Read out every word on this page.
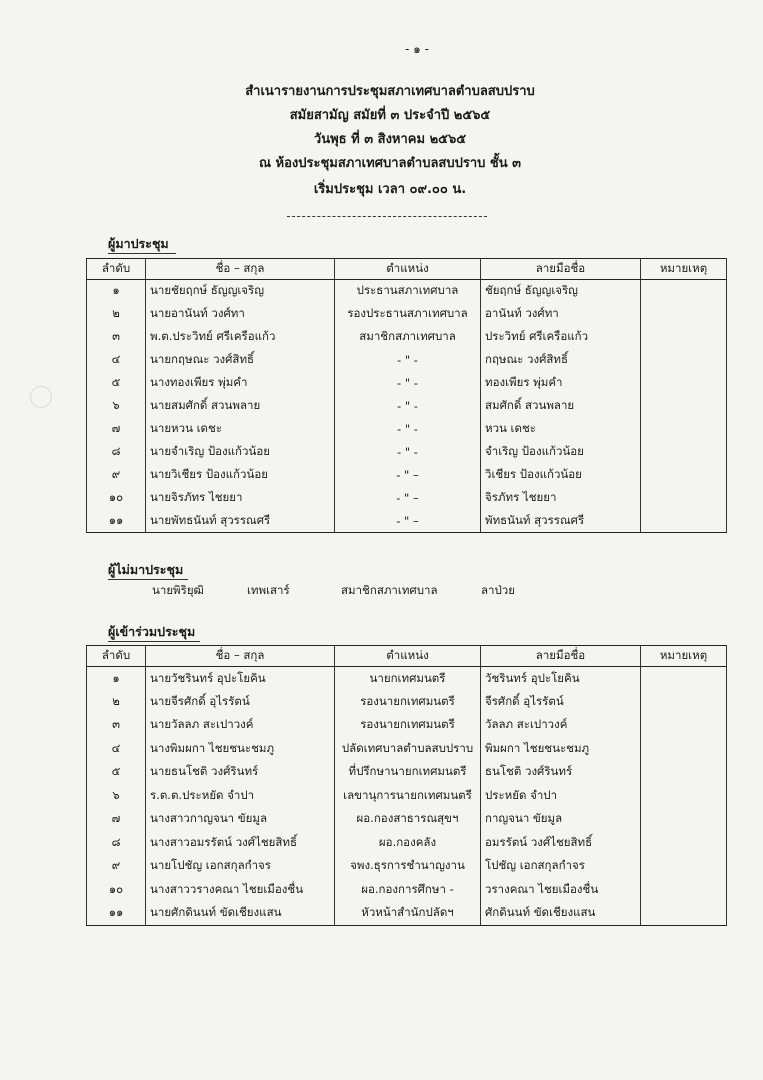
- ๑ -
สำเนารายงานการประชุมสภาเทศบาลตำบลสบปราบ
สมัยสามัญ สมัยที่ ๓ ประจำปี ๒๕๖๕
วันพุธ ที่ ๓ สิงหาคม ๒๕๖๕
ณ ห้องประชุมสภาเทศบาลตำบลสบปราบ ชั้น ๓
เริ่มประชุม เวลา ๐๙.๐๐ น.
ผู้มาประชุม
ลำดับ	ชื่อ – สกุล	ตำแหน่ง	ลายมือชื่อ	หมายเหตุ
๑	นายชัยฤกษ์ ธัญญเจริญ	ประธานสภาเทศบาล	ชัยฤกษ์ ธัญญเจริญ	
๒	นายอานันท์ วงศ์ทา	รองประธานสภาเทศบาล	อานันท์ วงศ์ทา	
๓	พ.ต.ประวิทย์ ศรีเครือแก้ว	สมาชิกสภาเทศบาล	ประวิทย์ ศรีเครือแก้ว	
๔	นายกฤษณะ วงศ์สิทธิ์	- " -	กฤษณะ วงศ์สิทธิ์	
๕	นางทองเพียร พุ่มคำ	- " -	ทองเพียร พุ่มคำ	
๖	นายสมศักดิ์ สวนพลาย	- " -	สมศักดิ์ สวนพลาย	
๗	นายหวน เดชะ	- " -	หวน เดชะ	
๘	นายจำเริญ ป้องแก้วน้อย	- " -	จำเริญ ป้องแก้วน้อย	
๙	นายวิเชียร ป้องแก้วน้อย	- " –	วิเชียร ป้องแก้วน้อย	
๑๐	นายจิรภัทร ไชยยา	- " –	จิรภัทร ไชยยา	
๑๑	นายพัทธนันท์ สุวรรณศรี	- " –	พัทธนันท์ สุวรรณศรี	
ผู้ไม่มาประชุม
นายพิริยุฒิ	เทพเสาร์	สมาชิกสภาเทศบาล	ลาป่วย
ผู้เข้าร่วมประชุม
ลำดับ	ชื่อ – สกุล	ตำแหน่ง	ลายมือชื่อ	หมายเหตุ
๑	นายวัชรินทร์ อุปะโยคิน	นายกเทศมนตรี	วัชรินทร์ อุปะโยคิน	
๒	นายจีรศักดิ์ อุไรรัตน์	รองนายกเทศมนตรี	จีรศักดิ์ อุไรรัตน์	
๓	นายวัลลภ สะเปาวงค์	รองนายกเทศมนตรี	วัลลภ สะเปาวงค์	
๔	นางพิมผกา ไชยชนะชมภู	ปลัดเทศบาลตำบลสบปราบ	พิมผกา ไชยชนะชมภู	
๕	นายธนโชติ วงศ์รินทร์	ที่ปรึกษานายกเทศมนตรี	ธนโชติ วงศ์รินทร์	
๖	ร.ต.ต.ประหยัด จำปา	เลขานุการนายกเทศมนตรี	ประหยัด จำปา	
๗	นางสาวกาญจนา ขัยมูล	ผอ.กองสาธารณสุขฯ	กาญจนา ขัยมูล	
๘	นางสาวอมรรัตน์ วงศ์ไชยสิทธิ์	ผอ.กองคลัง	อมรรัตน์ วงศ์ไชยสิทธิ์	
๙	นายโปชัญ เอกสกุลกำจร	จพง.ธุรการชำนาญงาน	โปชัญ เอกสกุลกำจร	
๑๐	นางสาววรางคณา ไชยเมืองชื่น	ผอ.กองการศึกษา -	วรางคณา ไชยเมืองชื่น	
๑๑	นายศักดินนท์ ขัดเชียงแสน	หัวหน้าสำนักปลัดฯ	ศักดินนท์ ขัดเชียงแสน	
